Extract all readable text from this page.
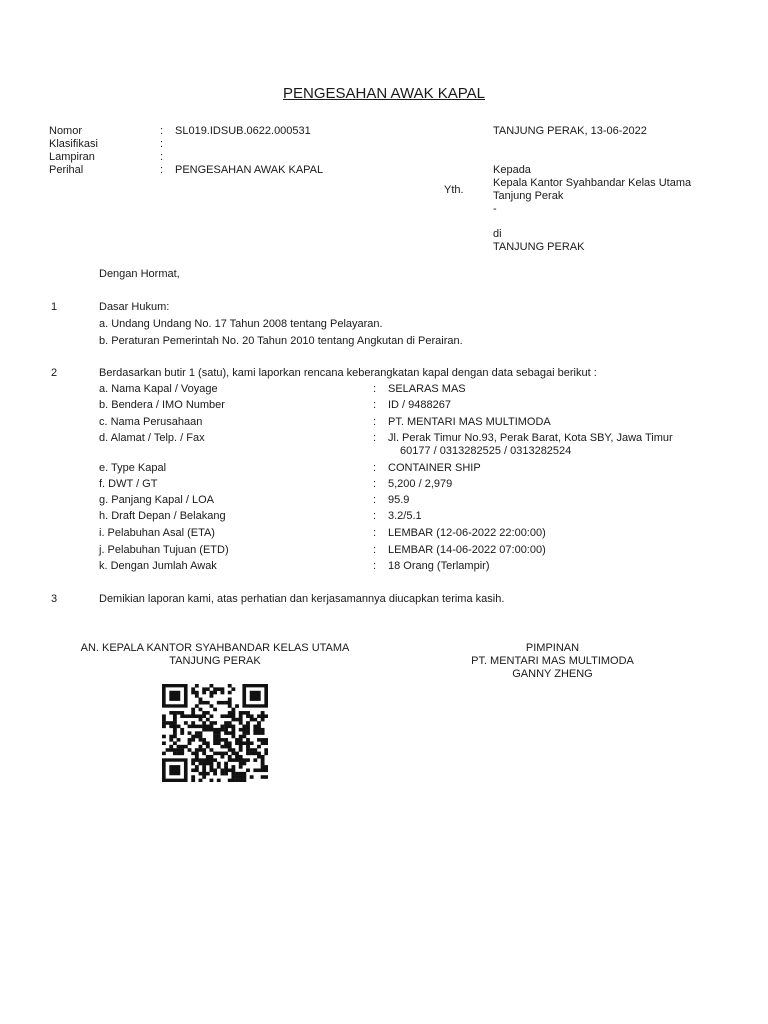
PENGESAHAN AWAK KAPAL
Nomor	: SL019.IDSUB.0622.000531
Klasifikasi	:
Lampiran	:
Perihal	: PENGESAHAN AWAK KAPAL
TANJUNG PERAK, 13-06-2022
Kepada
Yth.
Kepala Kantor Syahbandar Kelas Utama
Tanjung Perak
-
di
TANJUNG PERAK
Dengan Hormat,
1	Dasar Hukum:
a. Undang Undang No. 17 Tahun 2008 tentang Pelayaran.
b. Peraturan Pemerintah No. 20 Tahun 2010 tentang Angkutan di Perairan.
2	Berdasarkan butir 1 (satu), kami laporkan rencana keberangkatan kapal dengan data sebagai berikut :
a. Nama Kapal / Voyage	: SELARAS MAS
b. Bendera / IMO Number	: ID / 9488267
c. Nama Perusahaan	: PT. MENTARI MAS MULTIMODA
d. Alamat / Telp. / Fax	: Jl. Perak Timur No.93, Perak Barat, Kota SBY, Jawa Timur 60177 / 0313282525 / 0313282524
e. Type Kapal	: CONTAINER SHIP
f. DWT / GT	: 5,200 / 2,979
g. Panjang Kapal / LOA	: 95.9
h. Draft Depan / Belakang	: 3.2/5.1
i. Pelabuhan Asal (ETA)	: LEMBAR (12-06-2022 22:00:00)
j. Pelabuhan Tujuan (ETD)	: LEMBAR (14-06-2022 07:00:00)
k. Dengan Jumlah Awak	: 18 Orang (Terlampir)
3	Demikian laporan kami, atas perhatian dan kerjasamannya diucapkan terima kasih.
AN. KEPALA KANTOR SYAHBANDAR KELAS UTAMA
TANJUNG PERAK
PIMPINAN
PT. MENTARI MAS MULTIMODA
GANNY ZHENG
